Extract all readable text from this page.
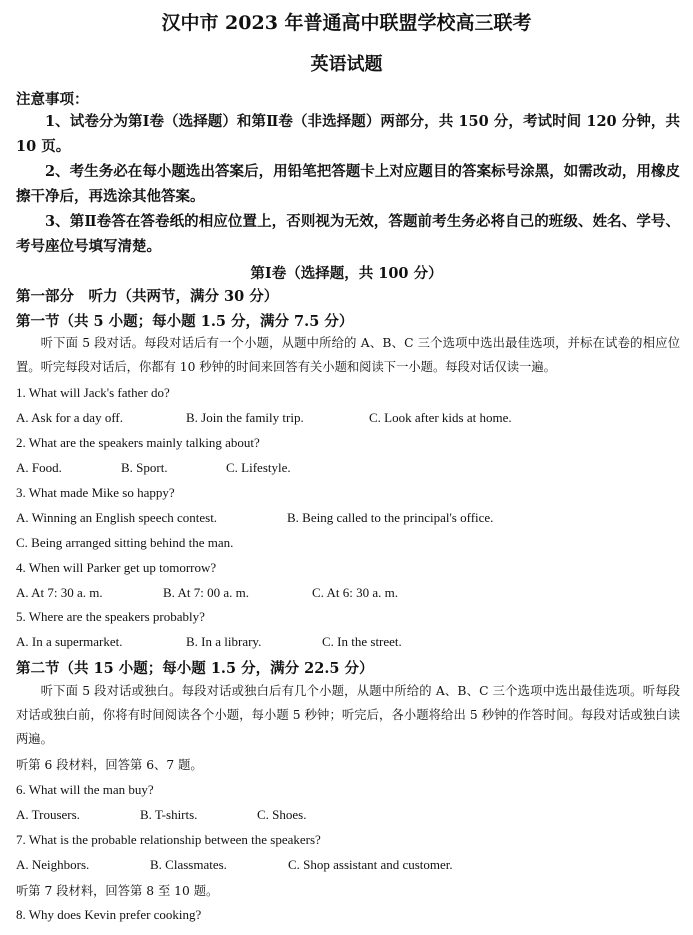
汉中市 2023 年普通高中联盟学校高三联考
英语试题
注意事项：
1、试卷分为第Ⅰ卷（选择题）和第Ⅱ卷（非选择题）两部分，共 150 分，考试时间 120 分钟，共 10 页。
2、考生务必在每小题选出答案后，用铅笔把答题卡上对应题目的答案标号涂黑，如需改动，用橡皮擦干净后，再选涂其他答案。
3、第Ⅱ卷答在答卷纸的相应位置上，否则视为无效，答题前考生务必将自己的班级、姓名、学号、考号座位号填写清楚。
第Ⅰ卷（选择题，共 100 分）
第一部分　听力（共两节，满分 30 分）
第一节（共 5 小题；每小题 1.5 分，满分 7.5 分）
听下面 5 段对话。每段对话后有一个小题，从题中所给的 A、B、C 三个选项中选出最佳选项，并标在试卷的相应位置。听完每段对话后，你都有 10 秒钟的时间来回答有关小题和阅读下一小题。每段对话仅读一遍。
1. What will Jack's father do?
A. Ask for a day off.	B. Join the family trip.	C. Look after kids at home.
2. What are the speakers mainly talking about?
A. Food.	B. Sport.	C. Lifestyle.
3. What made Mike so happy?
A. Winning an English speech contest.	B. Being called to the principal's office.
C. Being arranged sitting behind the man.
4. When will Parker get up tomorrow?
A. At 7: 30 a. m.	B. At 7: 00 a. m.	C. At 6: 30 a. m.
5. Where are the speakers probably?
A. In a supermarket.	B. In a library.	C. In the street.
第二节（共 15 小题；每小题 1.5 分，满分 22.5 分）
听下面 5 段对话或独白。每段对话或独白后有几个小题，从题中所给的 A、B、C 三个选项中选出最佳选项。听每段对话或独白前，你将有时间阅读各个小题，每小题 5 秒钟；听完后，各小题将给出 5 秒钟的作答时间。每段对话或独白读两遍。
听第 6 段材料，回答第 6、7 题。
6. What will the man buy?
A. Trousers.	B. T-shirts.	C. Shoes.
7. What is the probable relationship between the speakers?
A. Neighbors.	B. Classmates.	C. Shop assistant and customer.
听第 7 段材料，回答第 8 至 10 题。
8. Why does Kevin prefer cooking?
